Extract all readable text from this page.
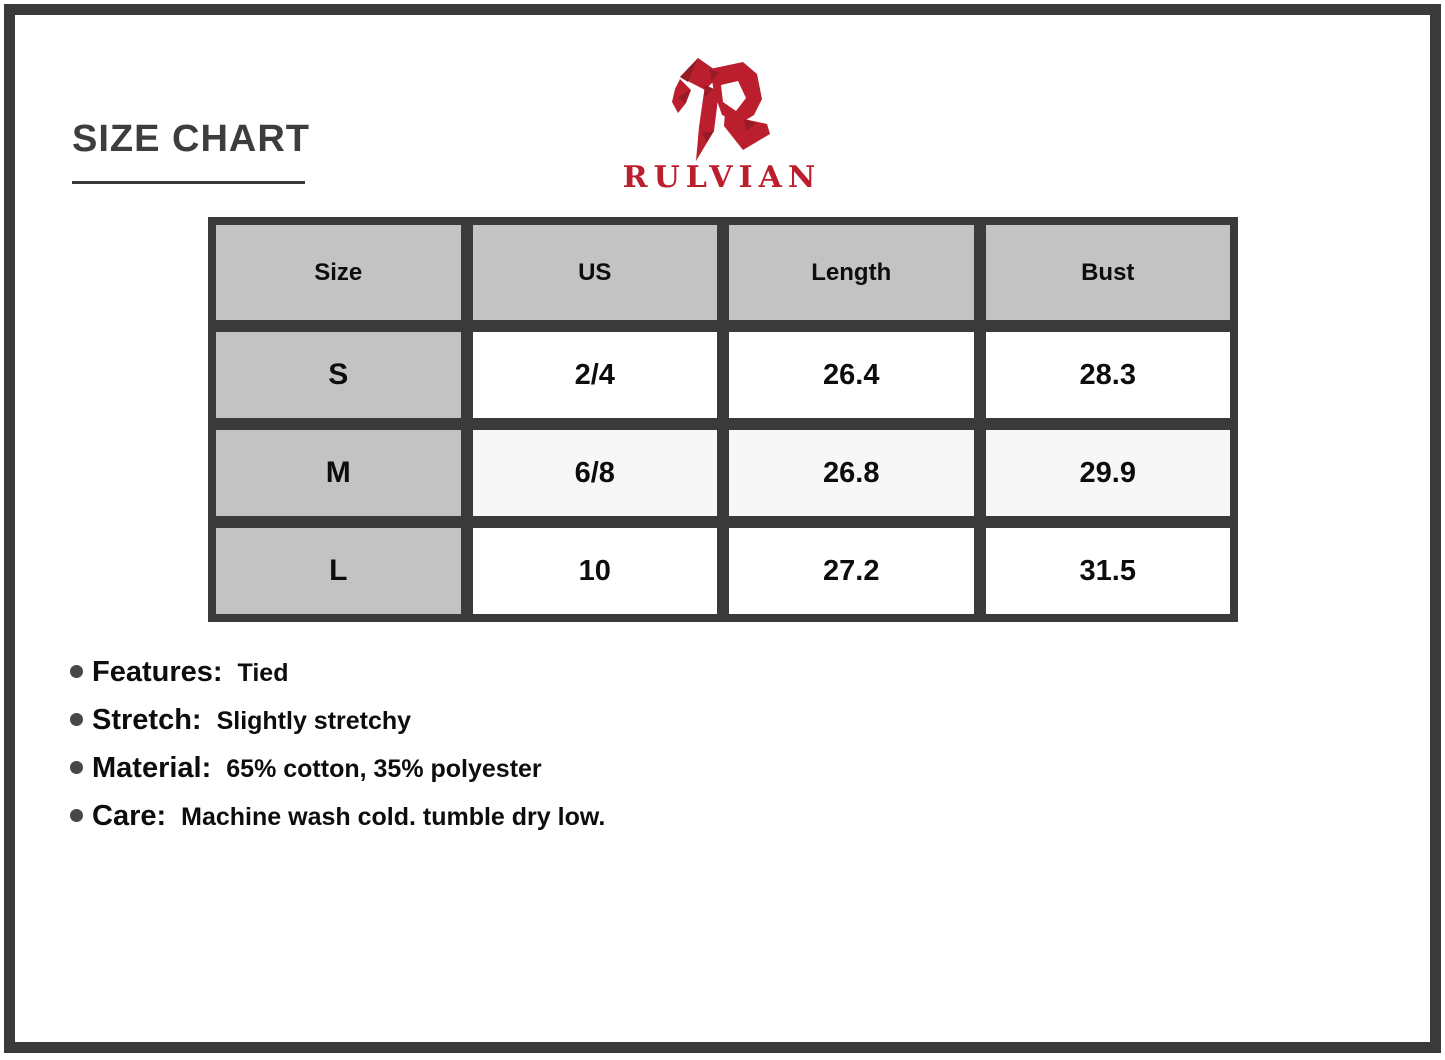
SIZE CHART
RULVIAN
Size	US	Length	Bust
S	2/4	26.4	28.3
M	6/8	26.8	29.9
L	10	27.2	31.5
Features: Tied
Stretch: Slightly stretchy
Material: 65% cotton, 35% polyester
Care: Machine wash cold. tumble dry low.
